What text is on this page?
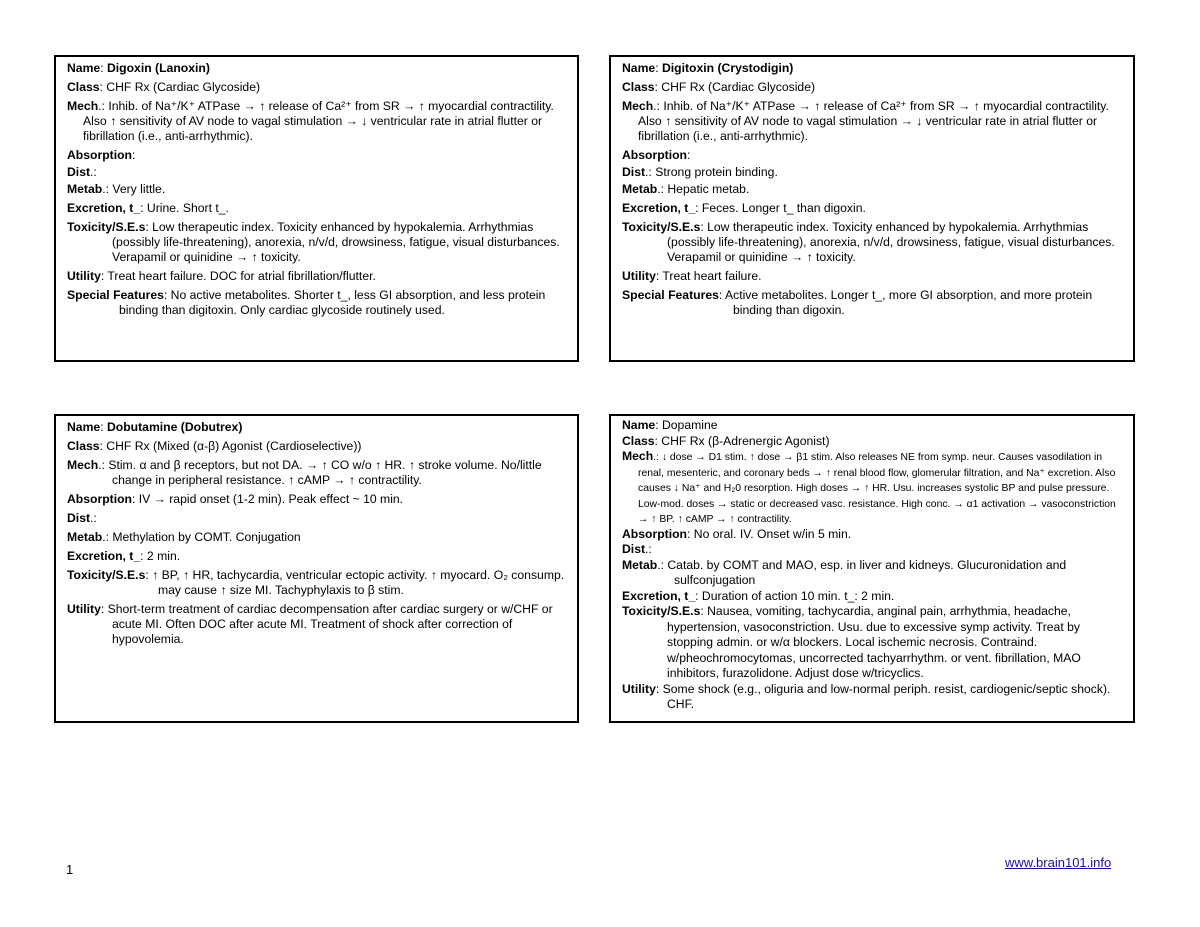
Name: Digoxin (Lanoxin)
Class: CHF Rx (Cardiac Glycoside)
Mech.: Inhib. of Na⁺/K⁺ ATPase → ↑ release of Ca²⁺ from SR → ↑ myocardial contractility. Also ↑ sensitivity of AV node to vagal stimulation → ↓ ventricular rate in atrial flutter or fibrillation (i.e., anti-arrhythmic).
Absorption:
Dist.:
Metab.: Very little.
Excretion, t_: Urine. Short t_.
Toxicity/S.E.s: Low therapeutic index. Toxicity enhanced by hypokalemia. Arrhythmias (possibly life-threatening), anorexia, n/v/d, drowsiness, fatigue, visual disturbances. Verapamil or quinidine → ↑ toxicity.
Utility: Treat heart failure. DOC for atrial fibrillation/flutter.
Special Features: No active metabolites. Shorter t_, less GI absorption, and less protein binding than digitoxin. Only cardiac glycoside routinely used.
Name: Digitoxin (Crystodigin)
Class: CHF Rx (Cardiac Glycoside)
Mech.: Inhib. of Na⁺/K⁺ ATPase → ↑ release of Ca²⁺ from SR → ↑ myocardial contractility. Also ↑ sensitivity of AV node to vagal stimulation → ↓ ventricular rate in atrial flutter or fibrillation (i.e., anti-arrhythmic).
Absorption:
Dist.: Strong protein binding.
Metab.: Hepatic metab.
Excretion, t_: Feces. Longer t_ than digoxin.
Toxicity/S.E.s: Low therapeutic index. Toxicity enhanced by hypokalemia. Arrhythmias (possibly life-threatening), anorexia, n/v/d, drowsiness, fatigue, visual disturbances. Verapamil or quinidine → ↑ toxicity.
Utility: Treat heart failure.
Special Features: Active metabolites. Longer t_, more GI absorption, and more protein binding than digoxin.
Name: Dobutamine (Dobutrex)
Class: CHF Rx (Mixed (α-β) Agonist (Cardioselective))
Mech.: Stim. α and β receptors, but not DA. → ↑ CO w/o ↑ HR. ↑ stroke volume. No/little change in peripheral resistance. ↑ cAMP → ↑ contractility.
Absorption: IV → rapid onset (1-2 min). Peak effect ~ 10 min.
Dist.:
Metab.: Methylation by COMT. Conjugation
Excretion, t_: 2 min.
Toxicity/S.E.s: ↑ BP, ↑ HR, tachycardia, ventricular ectopic activity. ↑ myocard. O₂ consump. may cause ↑ size MI. Tachyphylaxis to β stim.
Utility: Short-term treatment of cardiac decompensation after cardiac surgery or w/CHF or acute MI. Often DOC after acute MI. Treatment of shock after correction of hypovolemia.
Name: Dopamine
Class: CHF Rx (β-Adrenergic Agonist)
Mech.: ↓ dose → D1 stim. ↑ dose → β1 stim. Also releases NE from symp. neur. Causes vasodilation in renal, mesenteric, and coronary beds → ↑ renal blood flow, glomerular filtration, and Na⁺ excretion. Also causes ↓ Na⁺ and H₂0 resorption. High doses → ↑ HR. Usu. increases systolic BP and pulse pressure. Low-mod. doses → static or decreased vasc. resistance. High conc. → α1 activation → vasoconstriction → ↑ BP. ↑ cAMP → ↑ contractility.
Absorption: No oral. IV. Onset w/in 5 min.
Dist.:
Metab.: Catab. by COMT and MAO, esp. in liver and kidneys. Glucuronidation and sulfconjugation
Excretion, t_: Duration of action 10 min. t_: 2 min.
Toxicity/S.E.s: Nausea, vomiting, tachycardia, anginal pain, arrhythmia, headache, hypertension, vasoconstriction. Usu. due to excessive symp activity. Treat by stopping admin. or w/α blockers. Local ischemic necrosis. Contraind. w/pheochromocytomas, uncorrected tachyarrhythm. or vent. fibrillation, MAO inhibitors, furazolidone. Adjust dose w/tricyclics.
Utility: Some shock (e.g., oliguria and low-normal periph. resist, cardiogenic/septic shock). CHF.
1	www.brain101.info
